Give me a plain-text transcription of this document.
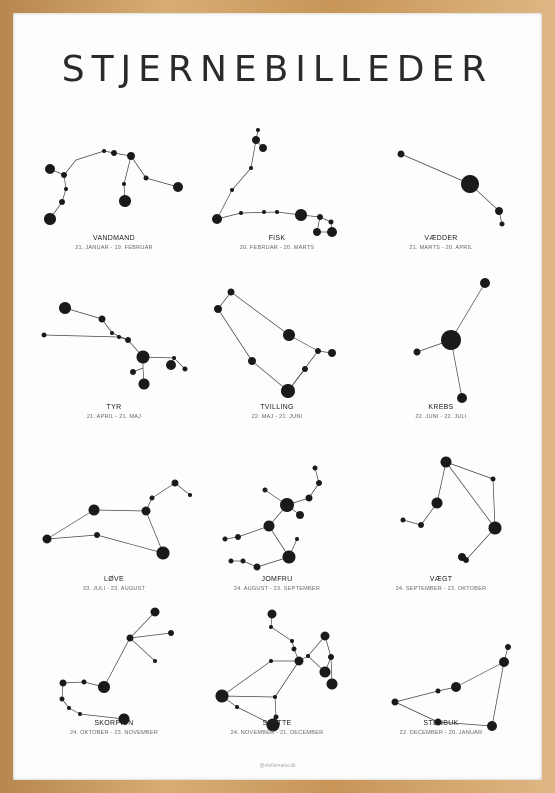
STJERNEBILLEDER
VANDMAND
21. JANUAR - 19. FEBRUAR
FISK
20. FEBRUAR - 20. MARTS
VÆDDER
21. MARTS - 20. APRIL
TYR
21. APRIL - 21. MAJ
TVILLING
22. MAJ - 21. JUNI
KREBS
22. JUNI - 22. JULI
LØVE
23. JULI - 23. AUGUST
JOMFRU
24. AUGUST - 23. SEPTEMBER
VÆGT
24. SEPTEMBER - 23. OKTOBER
SKORPION
24. OKTOBER - 23. NOVEMBER
SKYTTE
24. NOVEMBER - 21. DECEMBER
STENBUK
22. DECEMBER - 20. JANUAR
@stellamaria.dk
